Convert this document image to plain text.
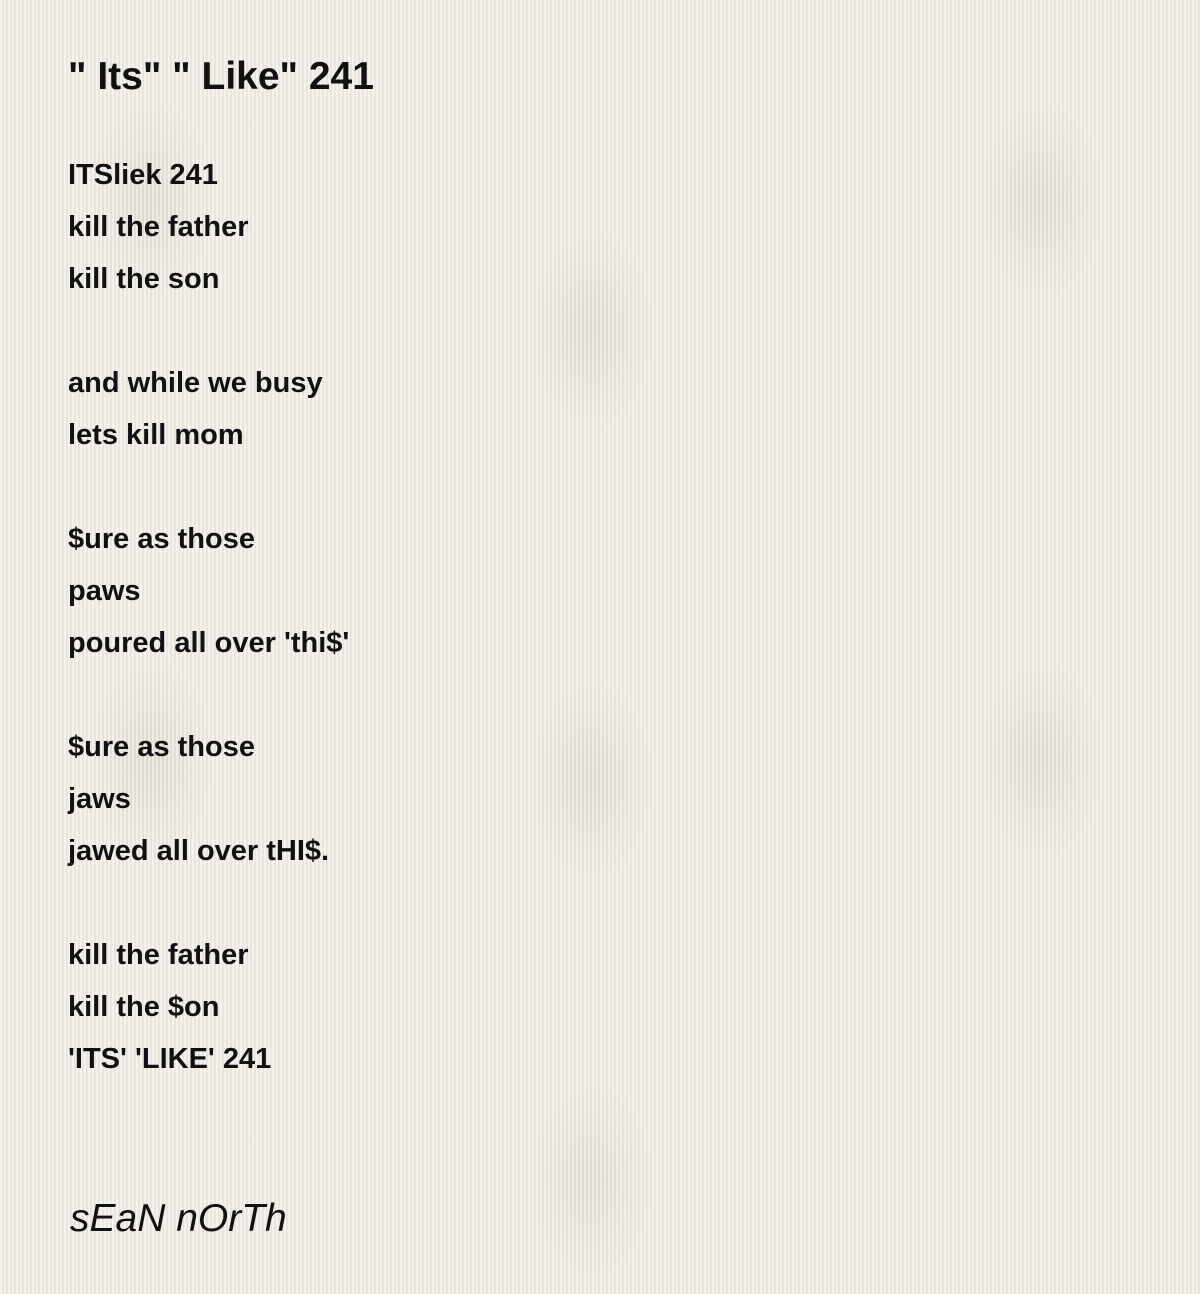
" Its" " Like" 241
ITSliek 241
kill the father
kill the son
and while we busy
lets kill mom
$ure as those
paws
poured all over 'thi$'
$ure as those
jaws
jawed all over tHI$.
kill the father
kill the $on
'ITS' 'LIKE' 241
sEaN nOrTh
